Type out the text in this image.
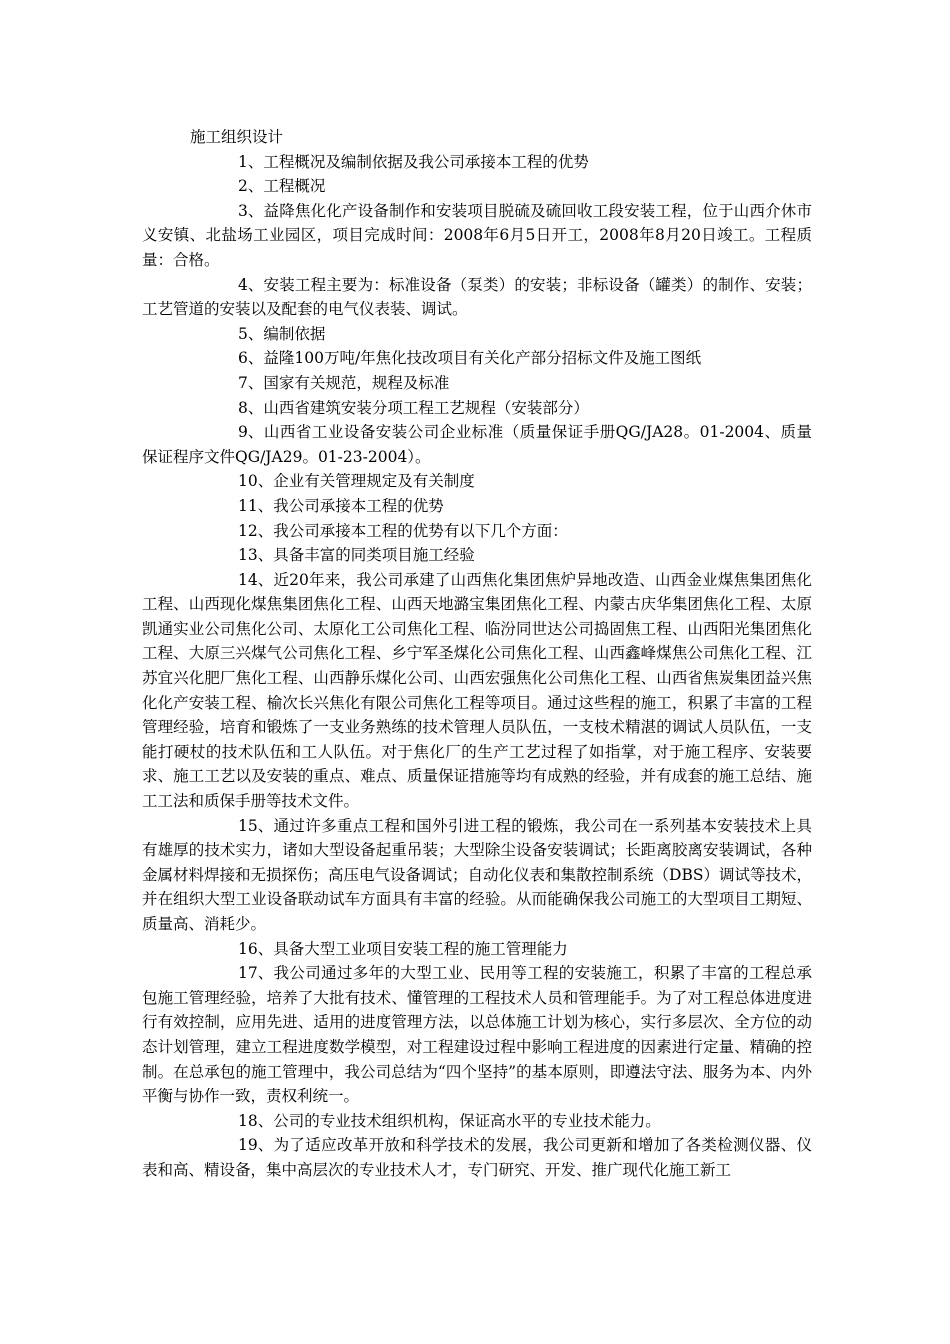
施工组织设计

1、工程概况及编制依据及我公司承接本工程的优势

2、工程概况

3、益降焦化化产设备制作和安装项目脱硫及硫回收工段安装工程，位于山西介休市义安镇、北盐场工业园区，项目完成时间：2008年6月5日开工，2008年8月20日竣工。工程质量：合格。

4、安装工程主要为：标准设备（泵类）的安装；非标设备（罐类）的制作、安装；工艺管道的安装以及配套的电气仪表装、调试。

5、编制依据

6、益隆100万吨/年焦化技改项目有关化产部分招标文件及施工图纸

7、国家有关规范，规程及标准

8、山西省建筑安装分项工程工艺规程（安装部分）

9、山西省工业设备安装公司企业标准（质量保证手册QG/JA28。01-2004、质量保证程序文件QG/JA29。01-23-2004）。

10、企业有关管理规定及有关制度

11、我公司承接本工程的优势

12、我公司承接本工程的优势有以下几个方面：

13、具备丰富的同类项目施工经验

14、近20年来，我公司承建了山西焦化集团焦炉异地改造、山西金业煤焦集团焦化工程、山西现化煤焦集团焦化工程、山西天地潞宝集团焦化工程、内蒙古庆华集团焦化工程、太原凯通实业公司焦化公司、太原化工公司焦化工程、临汾同世达公司捣固焦工程、山西阳光集团焦化工程、大原三兴煤气公司焦化工程、乡宁军圣煤化公司焦化工程、山西鑫峰煤焦公司焦化工程、江苏宜兴化肥厂焦化工程、山西静乐煤化公司、山西宏强焦化公司焦化工程、山西省焦炭集团益兴焦化化产安装工程、榆次长兴焦化有限公司焦化工程等项目。通过这些程的施工，积累了丰富的工程管理经验，培育和锻炼了一支业务熟练的技术管理人员队伍，一支枝术精湛的调试人员队伍，一支能打硬杖的技术队伍和工人队伍。对于焦化厂的生产工艺过程了如指掌，对于施工程序、安装要求、施工工艺以及安装的重点、难点、质量保证措施等均有成熟的经验，并有成套的施工总结、施工工法和质保手册等技术文件。

15、通过许多重点工程和国外引进工程的锻炼，我公司在一系列基本安装技术上具有雄厚的技术实力，诸如大型设备起重吊装；大型除尘设备安装调试；长距离胶离安装调试，各种金属材料焊接和无损探伤；高压电气设备调试；自动化仪表和集散控制系统（DBS）调试等技术，并在组织大型工业设备联动试车方面具有丰富的经验。从而能确保我公司施工的大型项目工期短、质量高、消耗少。

16、具备大型工业项目安装工程的施工管理能力

17、我公司通过多年的大型工业、民用等工程的安装施工，积累了丰富的工程总承包施工管理经验，培养了大批有技术、懂管理的工程技术人员和管理能手。为了对工程总体进度进行有效控制，应用先进、适用的进度管理方法，以总体施工计划为核心，实行多层次、全方位的动态计划管理，建立工程进度数学模型，对工程建设过程中影响工程进度的因素进行定量、精确的控制。在总承包的施工管理中，我公司总结为“四个坚持”的基本原则，即遵法守法、服务为本、内外平衡与协作一致，责权利统一。

18、公司的专业技术组织机构，保证高水平的专业技术能力。

19、为了适应改革开放和科学技术的发展，我公司更新和增加了各类检测仪器、仪表和高、精设备，集中高层次的专业技术人才，专门研究、开发、推广现代化施工新工
